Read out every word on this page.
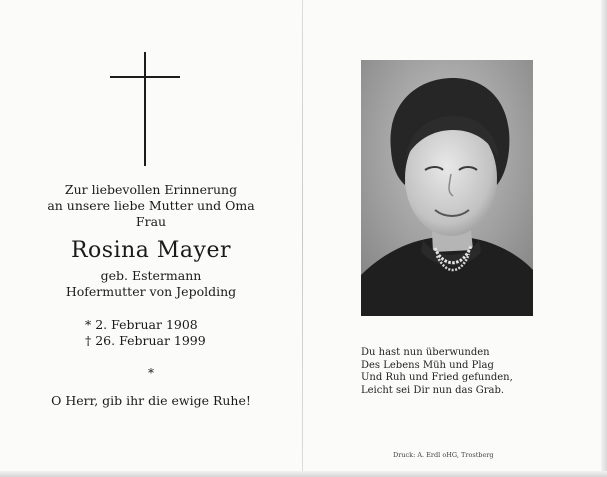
Zur liebevollen Erinnerung
an unsere liebe Mutter und Oma
Frau
Rosina Mayer
geb. Estermann
Hofermutter von Jepolding
* 2. Februar 1908
† 26. Februar 1999
*
O Herr, gib ihr die ewige Ruhe!
Du hast nun überwunden
Des Lebens Müh und Plag
Und Ruh und Fried gefunden,
Leicht sei Dir nun das Grab.
Druck: A. Erdl oHG, Trostberg
